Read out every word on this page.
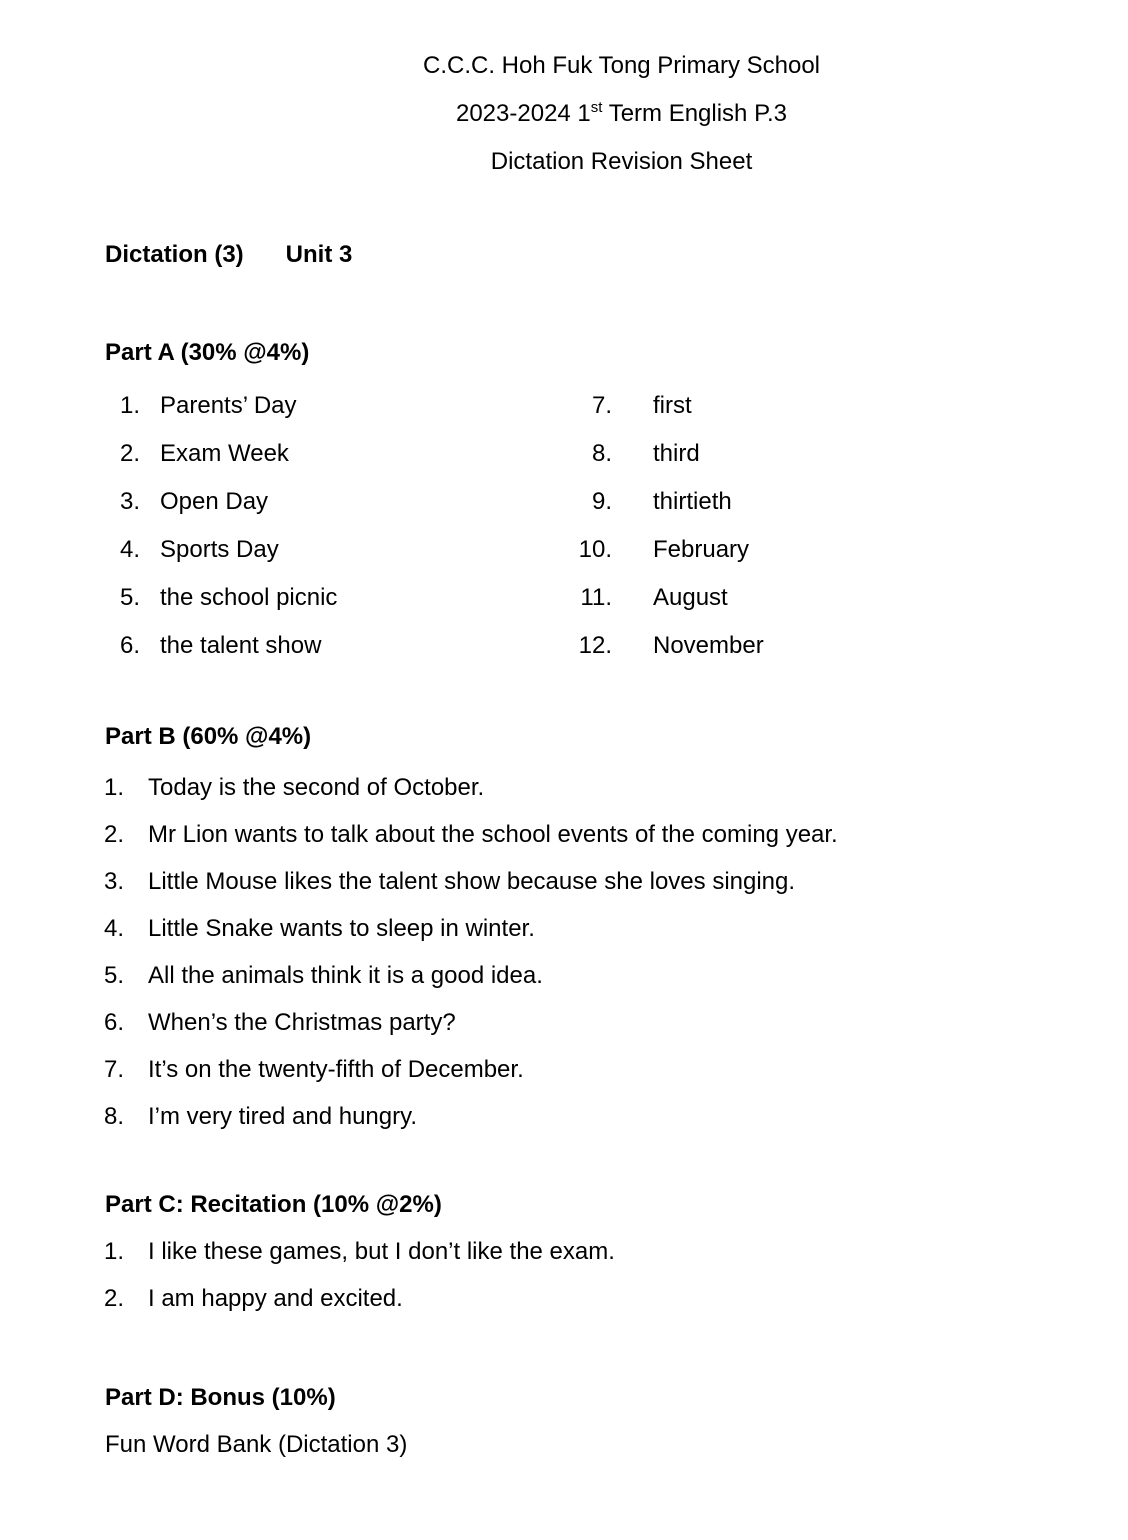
C.C.C. Hoh Fuk Tong Primary School
2023-2024 1st Term English P.3
Dictation Revision Sheet
Dictation (3) Unit 3
Part A (30% @4%)
1. Parents’ Day
2. Exam Week
3. Open Day
4. Sports Day
5. the school picnic
6. the talent show
7. first
8. third
9. thirtieth
10. February
11. August
12. November
Part B (60% @4%)
1. Today is the second of October.
2. Mr Lion wants to talk about the school events of the coming year.
3. Little Mouse likes the talent show because she loves singing.
4. Little Snake wants to sleep in winter.
5. All the animals think it is a good idea.
6. When’s the Christmas party?
7. It’s on the twenty-fifth of December.
8. I’m very tired and hungry.
Part C: Recitation (10% @2%)
1. I like these games, but I don’t like the exam.
2. I am happy and excited.
Part D: Bonus (10%)
Fun Word Bank (Dictation 3)
